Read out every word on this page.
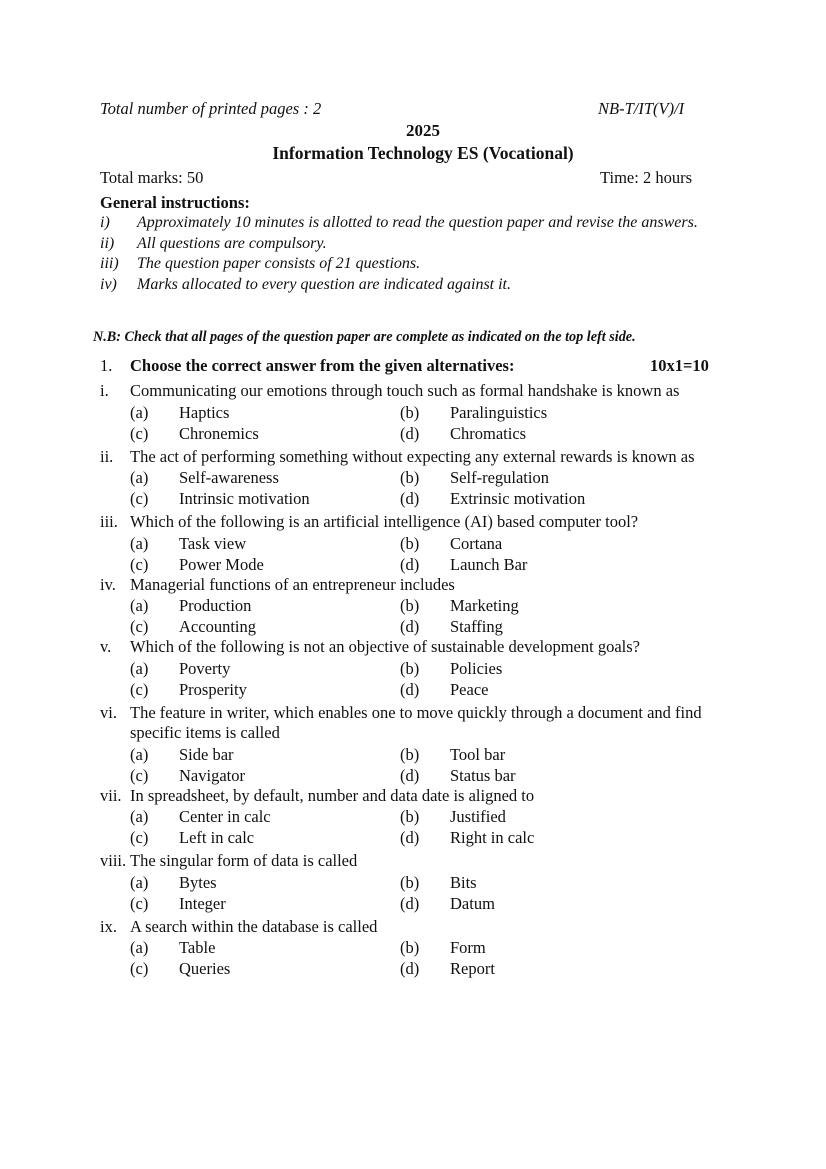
Total number of printed pages : 2	NB-T/IT(V)/I
2025
Information Technology ES (Vocational)
Total marks: 50	Time: 2 hours
General instructions:
i)	Approximately 10 minutes is allotted to read the question paper and revise the answers.
ii)	All questions are compulsory.
iii)	The question paper consists of 21 questions.
iv)	Marks allocated to every question are indicated against it.
N.B: Check that all pages of the question paper are complete as indicated on the top left side.
1. Choose the correct answer from the given alternatives:	10x1=10
i.	Communicating our emotions through touch such as formal handshake is known as
(a) Haptics	(b) Paralinguistics
(c) Chronemics	(d) Chromatics
ii.	The act of performing something without expecting any external rewards is known as
(a) Self-awareness	(b) Self-regulation
(c) Intrinsic motivation	(d) Extrinsic motivation
iii. Which of the following is an artificial intelligence (AI) based computer tool?
(a) Task view	(b) Cortana
(c) Power Mode	(d) Launch Bar
iv. Managerial functions of an entrepreneur includes
(a) Production	(b) Marketing
(c) Accounting	(d) Staffing
v.	Which of the following is not an objective of sustainable development goals?
(a) Poverty	(b) Policies
(c) Prosperity	(d) Peace
vi. The feature in writer, which enables one to move quickly through a document and find specific items is called
(a) Side bar	(b) Tool bar
(c) Navigator	(d) Status bar
vii. In spreadsheet, by default, number and data date is aligned to
(a) Center in calc	(b) Justified
(c) Left in calc	(d) Right in calc
viii. The singular form of data is called
(a) Bytes	(b) Bits
(c) Integer	(d) Datum
ix. A search within the database is called
(a) Table	(b) Form
(c) Queries	(d) Report
